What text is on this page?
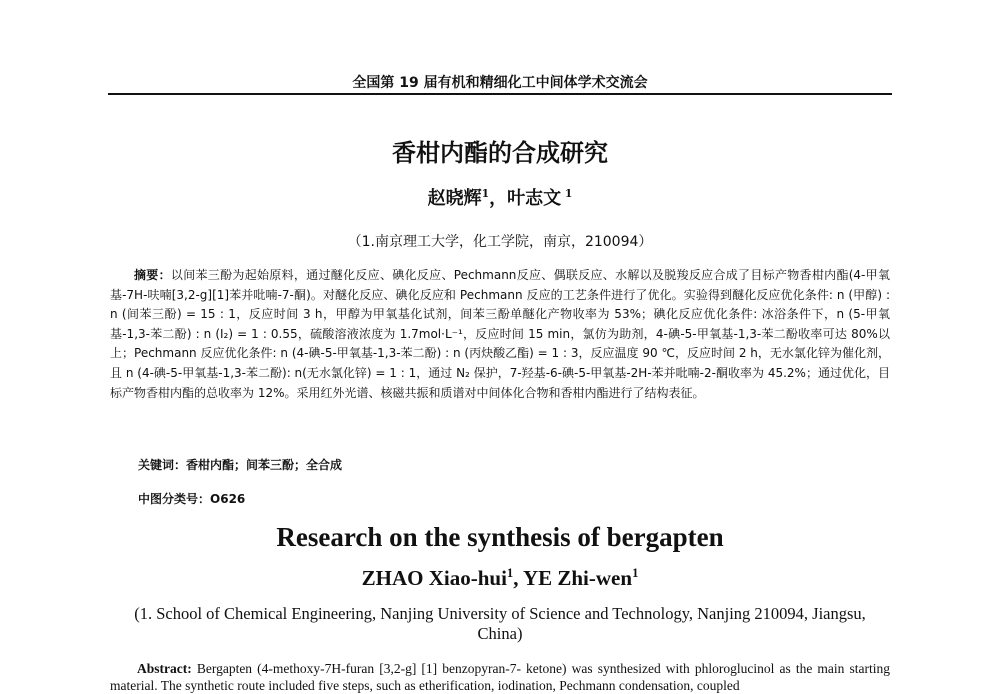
全国第 19 届有机和精细化工中间体学术交流会
香柑内酯的合成研究
赵晓辉$^1$，叶志文 $^1$
（1.南京理工大学，化工学院，南京，210094）
摘要：以间苯三酚为起始原料，通过醚化反应、碘化反应、Pechmann反应、偶联反应、水解以及脱羧反应合成了目标产物香柑内酯(4-甲氧基-7H-呋喃[3,2-g][1]苯并吡喃-7-酮)。对醚化反应、碘化反应和 Pechmann 反应的工艺条件进行了优化。实验得到醚化反应优化条件: n (甲醇) : n (间苯三酚) = 15 : 1，反应时间 3 h，甲醇为甲氧基化试剂，间苯三酚单醚化产物收率为 53%；碘化反应优化条件: 冰浴条件下，n (5-甲氧基-1,3-苯二酚) : n (I₂) = 1 : 0.55，硫酸溶液浓度为 1.7mol·L⁻¹，反应时间 15 min，氯仿为助剂，4-碘-5-甲氧基-1,3-苯二酚收率可达 80%以上；Pechmann 反应优化条件: n (4-碘-5-甲氧基-1,3-苯二酚) : n (丙炔酸乙酯) = 1 : 3，反应温度 90 ℃，反应时间 2 h，无水氯化锌为催化剂，且 n (4-碘-5-甲氧基-1,3-苯二酚): n(无水氯化锌) = 1 : 1，通过 N₂ 保护，7-羟基-6-碘-5-甲氧基-2H-苯并吡喃-2-酮收率为 45.2%；通过优化，目标产物香柑内酯的总收率为 12%。采用红外光谱、核磁共振和质谱对中间体化合物和香柑内酯进行了结构表征。
关键词：香柑内酯；间苯三酚；全合成
中图分类号：O626
Research on the synthesis of bergapten
ZHAO Xiao-hui$^1$, YE Zhi-wen$^1$
(1. School of Chemical Engineering, Nanjing University of Science and Technology, Nanjing 210094, Jiangsu, China)
Abstract: Bergapten (4-methoxy-7H-furan [3,2-g] [1] benzopyran-7- ketone) was synthesized with phloroglucinol as the main starting material. The synthetic route included five steps, such as etherification, iodination, Pechmann condensation, coupled
